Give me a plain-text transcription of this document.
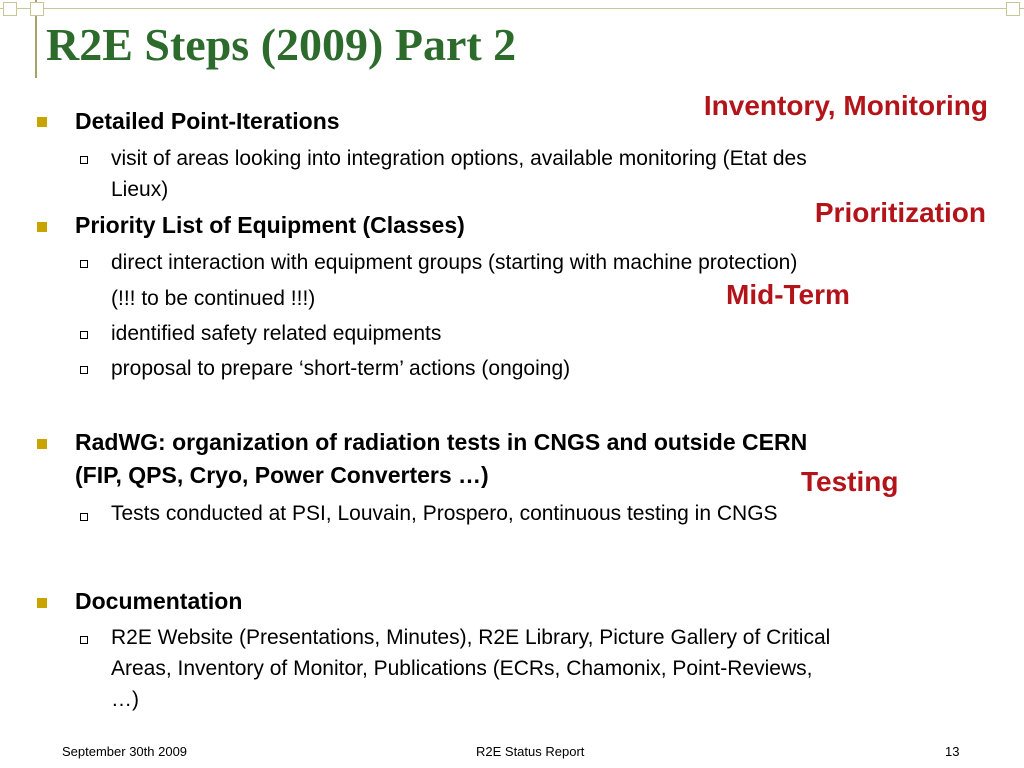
R2E Steps (2009) Part 2
Inventory, Monitoring
Prioritization
Mid-Term
Testing
Detailed Point-Iterations
visit of areas looking into integration options, available monitoring (Etat des
Lieux)
Priority List of Equipment (Classes)
direct interaction with equipment groups (starting with machine protection)
(!!! to be continued !!!)
identified safety related equipments
proposal to prepare ‘short-term’ actions (ongoing)
RadWG: organization of radiation tests in CNGS and outside CERN
(FIP, QPS, Cryo, Power Converters …)
Tests conducted at PSI, Louvain, Prospero, continuous testing in CNGS
Documentation
R2E Website (Presentations, Minutes), R2E Library, Picture Gallery of Critical
Areas, Inventory of Monitor, Publications (ECRs, Chamonix, Point-Reviews,
…)
September 30th 2009	R2E Status Report	13
